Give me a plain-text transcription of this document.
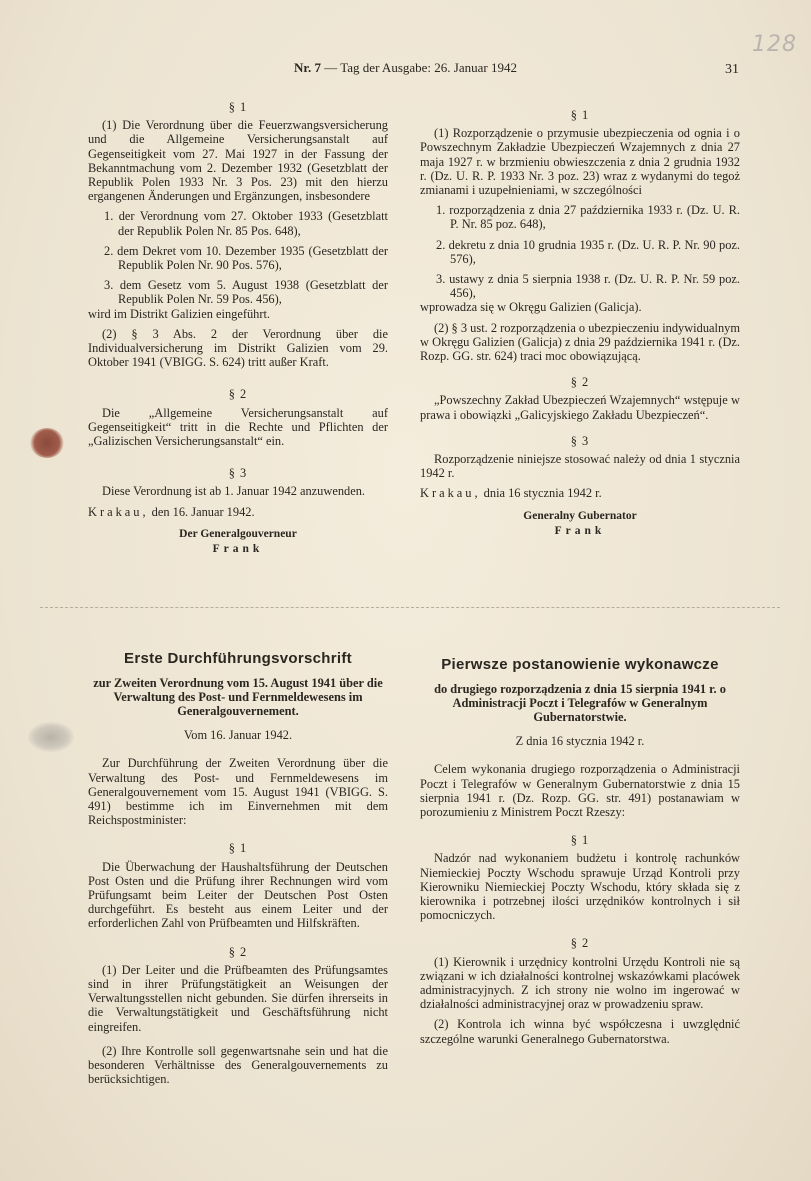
128
Nr. 7 — Tag der Ausgabe: 26. Januar 1942	31
§ 1
(1) Die Verordnung über die Feuerzwangsversicherung und die Allgemeine Versicherungsanstalt auf Gegenseitigkeit vom 27. Mai 1927 in der Fassung der Bekanntmachung vom 2. Dezember 1932 (Gesetzblatt der Republik Polen 1933 Nr. 3 Pos. 23) mit den hierzu ergangenen Änderungen und Ergänzungen, insbesondere
1. der Verordnung vom 27. Oktober 1933 (Gesetzblatt der Republik Polen Nr. 85 Pos. 648),
2. dem Dekret vom 10. Dezember 1935 (Gesetzblatt der Republik Polen Nr. 90 Pos. 576),
3. dem Gesetz vom 5. August 1938 (Gesetzblatt der Republik Polen Nr. 59 Pos. 456),
wird im Distrikt Galizien eingeführt.
(2) § 3 Abs. 2 der Verordnung über die Individualversicherung im Distrikt Galizien vom 29. Oktober 1941 (VBIGG. S. 624) tritt außer Kraft.
§ 2
Die „Allgemeine Versicherungsanstalt auf Gegenseitigkeit“ tritt in die Rechte und Pflichten der „Galizischen Versicherungsanstalt“ ein.
§ 3
Diese Verordnung ist ab 1. Januar 1942 anzuwenden.
Krakau, den 16. Januar 1942.
Der Generalgouverneur
Frank
§ 1
(1) Rozporządzenie o przymusie ubezpieczenia od ognia i o Powszechnym Zakładzie Ubezpieczeń Wzajemnych z dnia 27 maja 1927 r. w brzmieniu obwieszczenia z dnia 2 grudnia 1932 r. (Dz. U. R. P. 1933 Nr. 3 poz. 23) wraz z wydanymi do tegoż zmianami i uzupełnieniami, w szczególności
1. rozporządzenia z dnia 27 października 1933 r. (Dz. U. R. P. Nr. 85 poz. 648),
2. dekretu z dnia 10 grudnia 1935 r. (Dz. U. R. P. Nr. 90 poz. 576),
3. ustawy z dnia 5 sierpnia 1938 r. (Dz. U. R. P. Nr. 59 poz. 456),
wprowadza się w Okręgu Galizien (Galicja).
(2) § 3 ust. 2 rozporządzenia o ubezpieczeniu indywidualnym w Okręgu Galizien (Galicja) z dnia 29 października 1941 r. (Dz. Rozp. GG. str. 624) traci moc obowiązującą.
§ 2
„Powszechny Zakład Ubezpieczeń Wzajemnych“ wstępuje w prawa i obowiązki „Galicyjskiego Zakładu Ubezpieczeń“.
§ 3
Rozporządzenie niniejsze stosować należy od dnia 1 stycznia 1942 r.
Krakau, dnia 16 stycznia 1942 r.
Generalny Gubernator
Frank
Erste Durchführungsvorschrift
zur Zweiten Verordnung vom 15. August 1941 über die Verwaltung des Post- und Fernmeldewesens im Generalgouvernement.
Vom 16. Januar 1942.
Zur Durchführung der Zweiten Verordnung über die Verwaltung des Post- und Fernmeldewesens im Generalgouvernement vom 15. August 1941 (VBIGG. S. 491) bestimme ich im Einvernehmen mit dem Reichspostminister:
§ 1
Die Überwachung der Haushaltsführung der Deutschen Post Osten und die Prüfung ihrer Rechnungen wird vom Prüfungsamt beim Leiter der Deutschen Post Osten durchgeführt. Es besteht aus einem Leiter und der erforderlichen Zahl von Prüfbeamten und Hilfskräften.
§ 2
(1) Der Leiter und die Prüfbeamten des Prüfungsamtes sind in ihrer Prüfungstätigkeit an Weisungen der Verwaltungsstellen nicht gebunden. Sie dürfen ihrerseits in die Verwaltungstätigkeit und Geschäftsführung nicht eingreifen.
(2) Ihre Kontrolle soll gegenwartsnahe sein und hat die besonderen Verhältnisse des Generalgouvernements zu berücksichtigen.
Pierwsze postanowienie wykonawcze
do drugiego rozporządzenia z dnia 15 sierpnia 1941 r. o Administracji Poczt i Telegrafów w Generalnym Gubernatorstwie.
Z dnia 16 stycznia 1942 r.
Celem wykonania drugiego rozporządzenia o Administracji Poczt i Telegrafów w Generalnym Gubernatorstwie z dnia 15 sierpnia 1941 r. (Dz. Rozp. GG. str. 491) postanawiam w porozumieniu z Ministrem Poczt Rzeszy:
§ 1
Nadzór nad wykonaniem budżetu i kontrolę rachunków Niemieckiej Poczty Wschodu sprawuje Urząd Kontroli przy Kierowniku Niemieckiej Poczty Wschodu, który składa się z kierownika i potrzebnej ilości urzędników kontrolnych i sił pomocniczych.
§ 2
(1) Kierownik i urzędnicy kontrolni Urzędu Kontroli nie są związani w ich działalności kontrolnej wskazówkami placówek administracyjnych. Z ich strony nie wolno im ingerować w działalności administracyjnej oraz w prowadzeniu spraw.
(2) Kontrola ich winna być współczesna i uwzględnić szczególne warunki Generalnego Gubernatorstwa.
